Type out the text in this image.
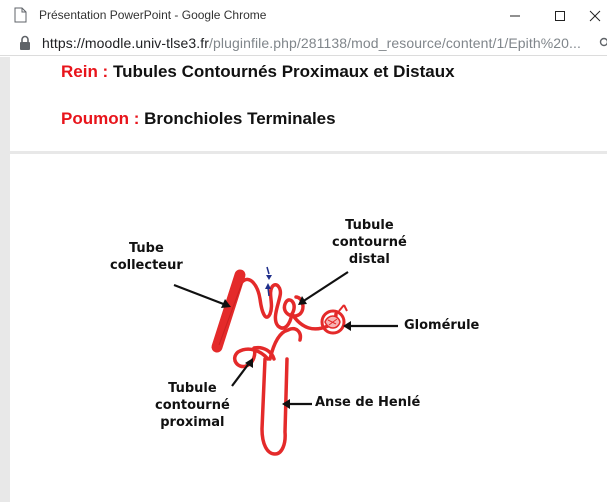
Présentation PowerPoint - Google Chrome
https://moodle.univ-tlse3.fr/pluginfile.php/281138/mod_resource/content/1/Epith%20...
Rein : Tubules Contournés Proximaux et Distaux
Poumon : Bronchioles Terminales
Tube
collecteur
Tubule
contourné
distal
Glomérule
Tubule
contourné
proximal
Anse de Henlé
